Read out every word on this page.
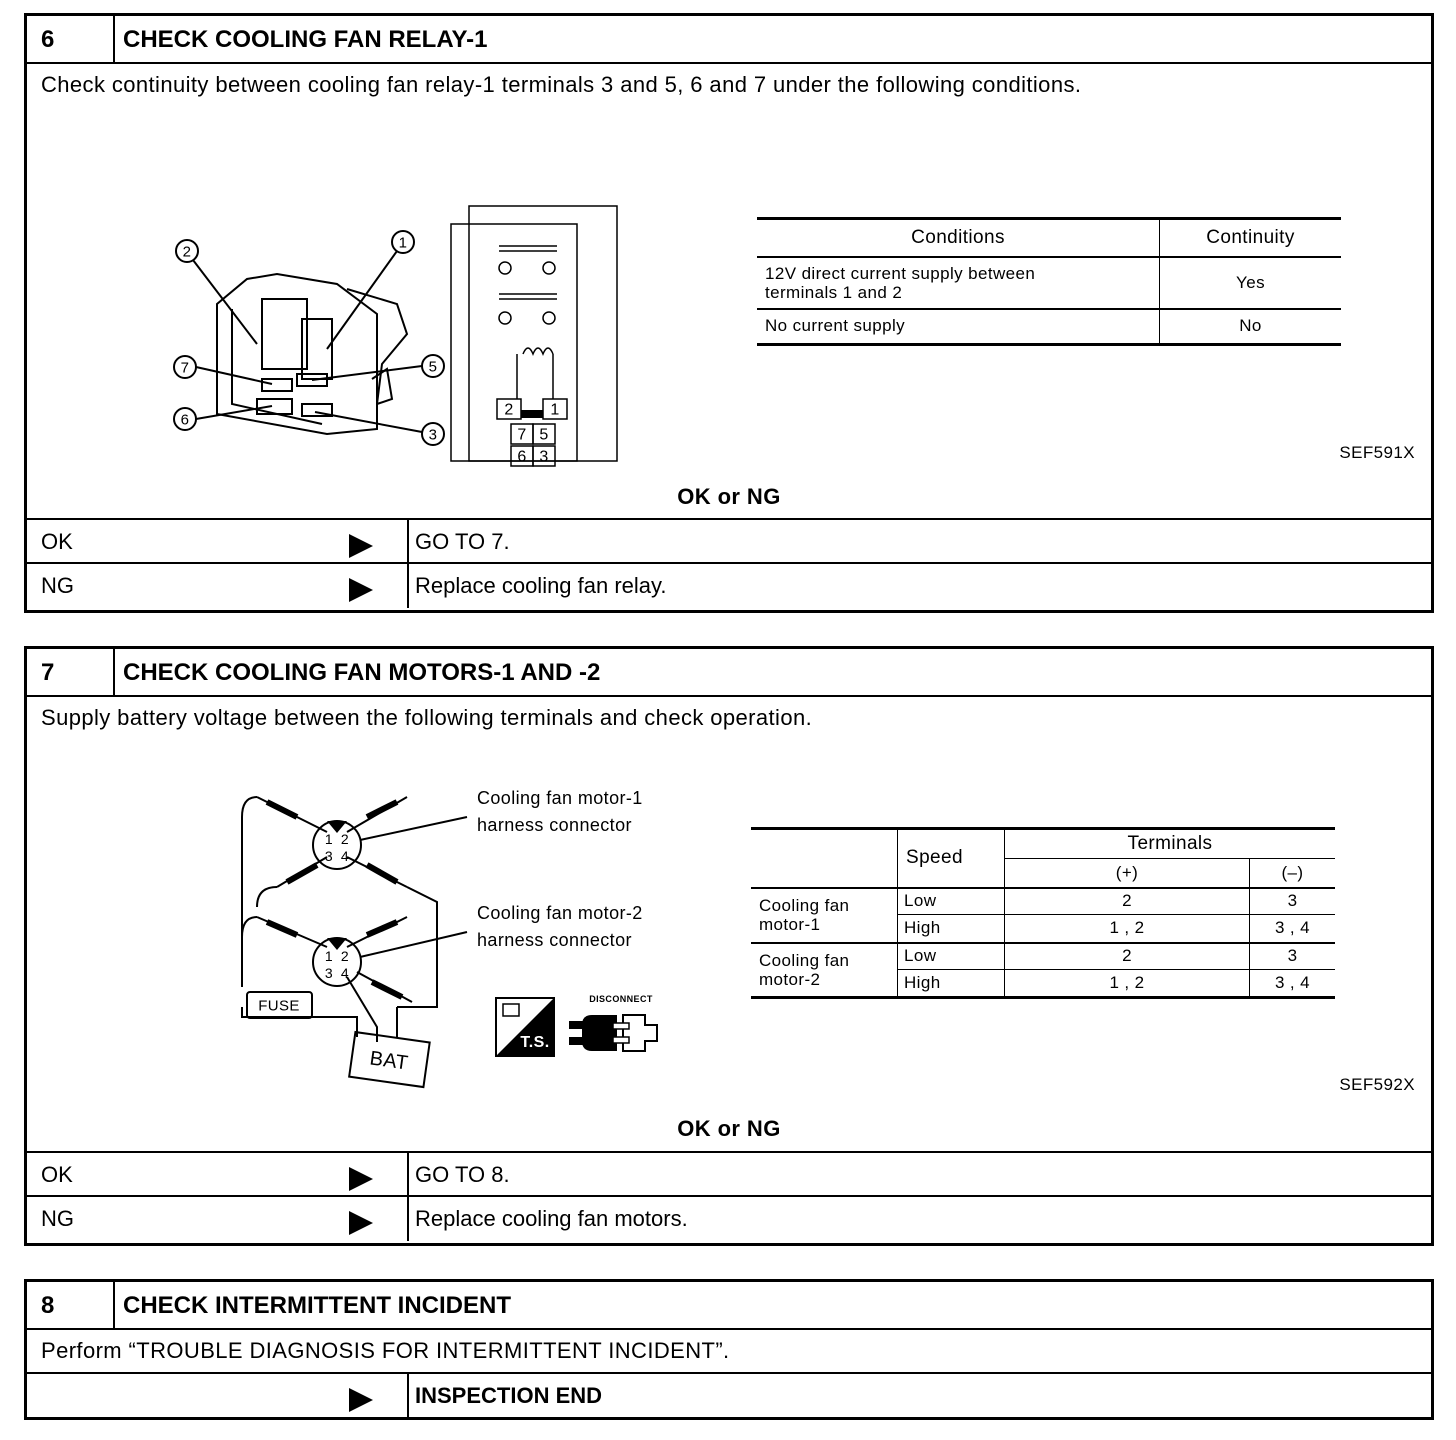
6	CHECK COOLING FAN RELAY-1
Check continuity between cooling fan relay-1 terminals 3 and 5, 6 and 7 under the following conditions.
2
1
7	5
6
3
2 1
7 5
6 3
Conditions	Continuity

12V direct current supply between
terminals 1 and 2	Yes
No current supply	No
SEF591X
OK or NG
OK	GO TO 7.
NG	Replace cooling fan relay.
7	CHECK COOLING FAN MOTORS-1 AND -2
Supply battery voltage between the following terminals and check operation.
1 2
3 4
1 2
3 4
FUSE
BAT
Cooling fan motor-1
harness connector
Cooling fan motor-2
harness connector
T.S.
DISCONNECT
	Speed	Terminals	
		(+)	(–)

Cooling fan
motor-1	Low	2	3
	High	1 , 2	3 , 4

Cooling fan
motor-2	Low	2	3
	High	1 , 2	3 , 4
SEF592X
OK or NG
OK	GO TO 8.
NG	Replace cooling fan motors.
8	CHECK INTERMITTENT INCIDENT
Perform “TROUBLE DIAGNOSIS FOR INTERMITTENT INCIDENT”.
INSPECTION END
